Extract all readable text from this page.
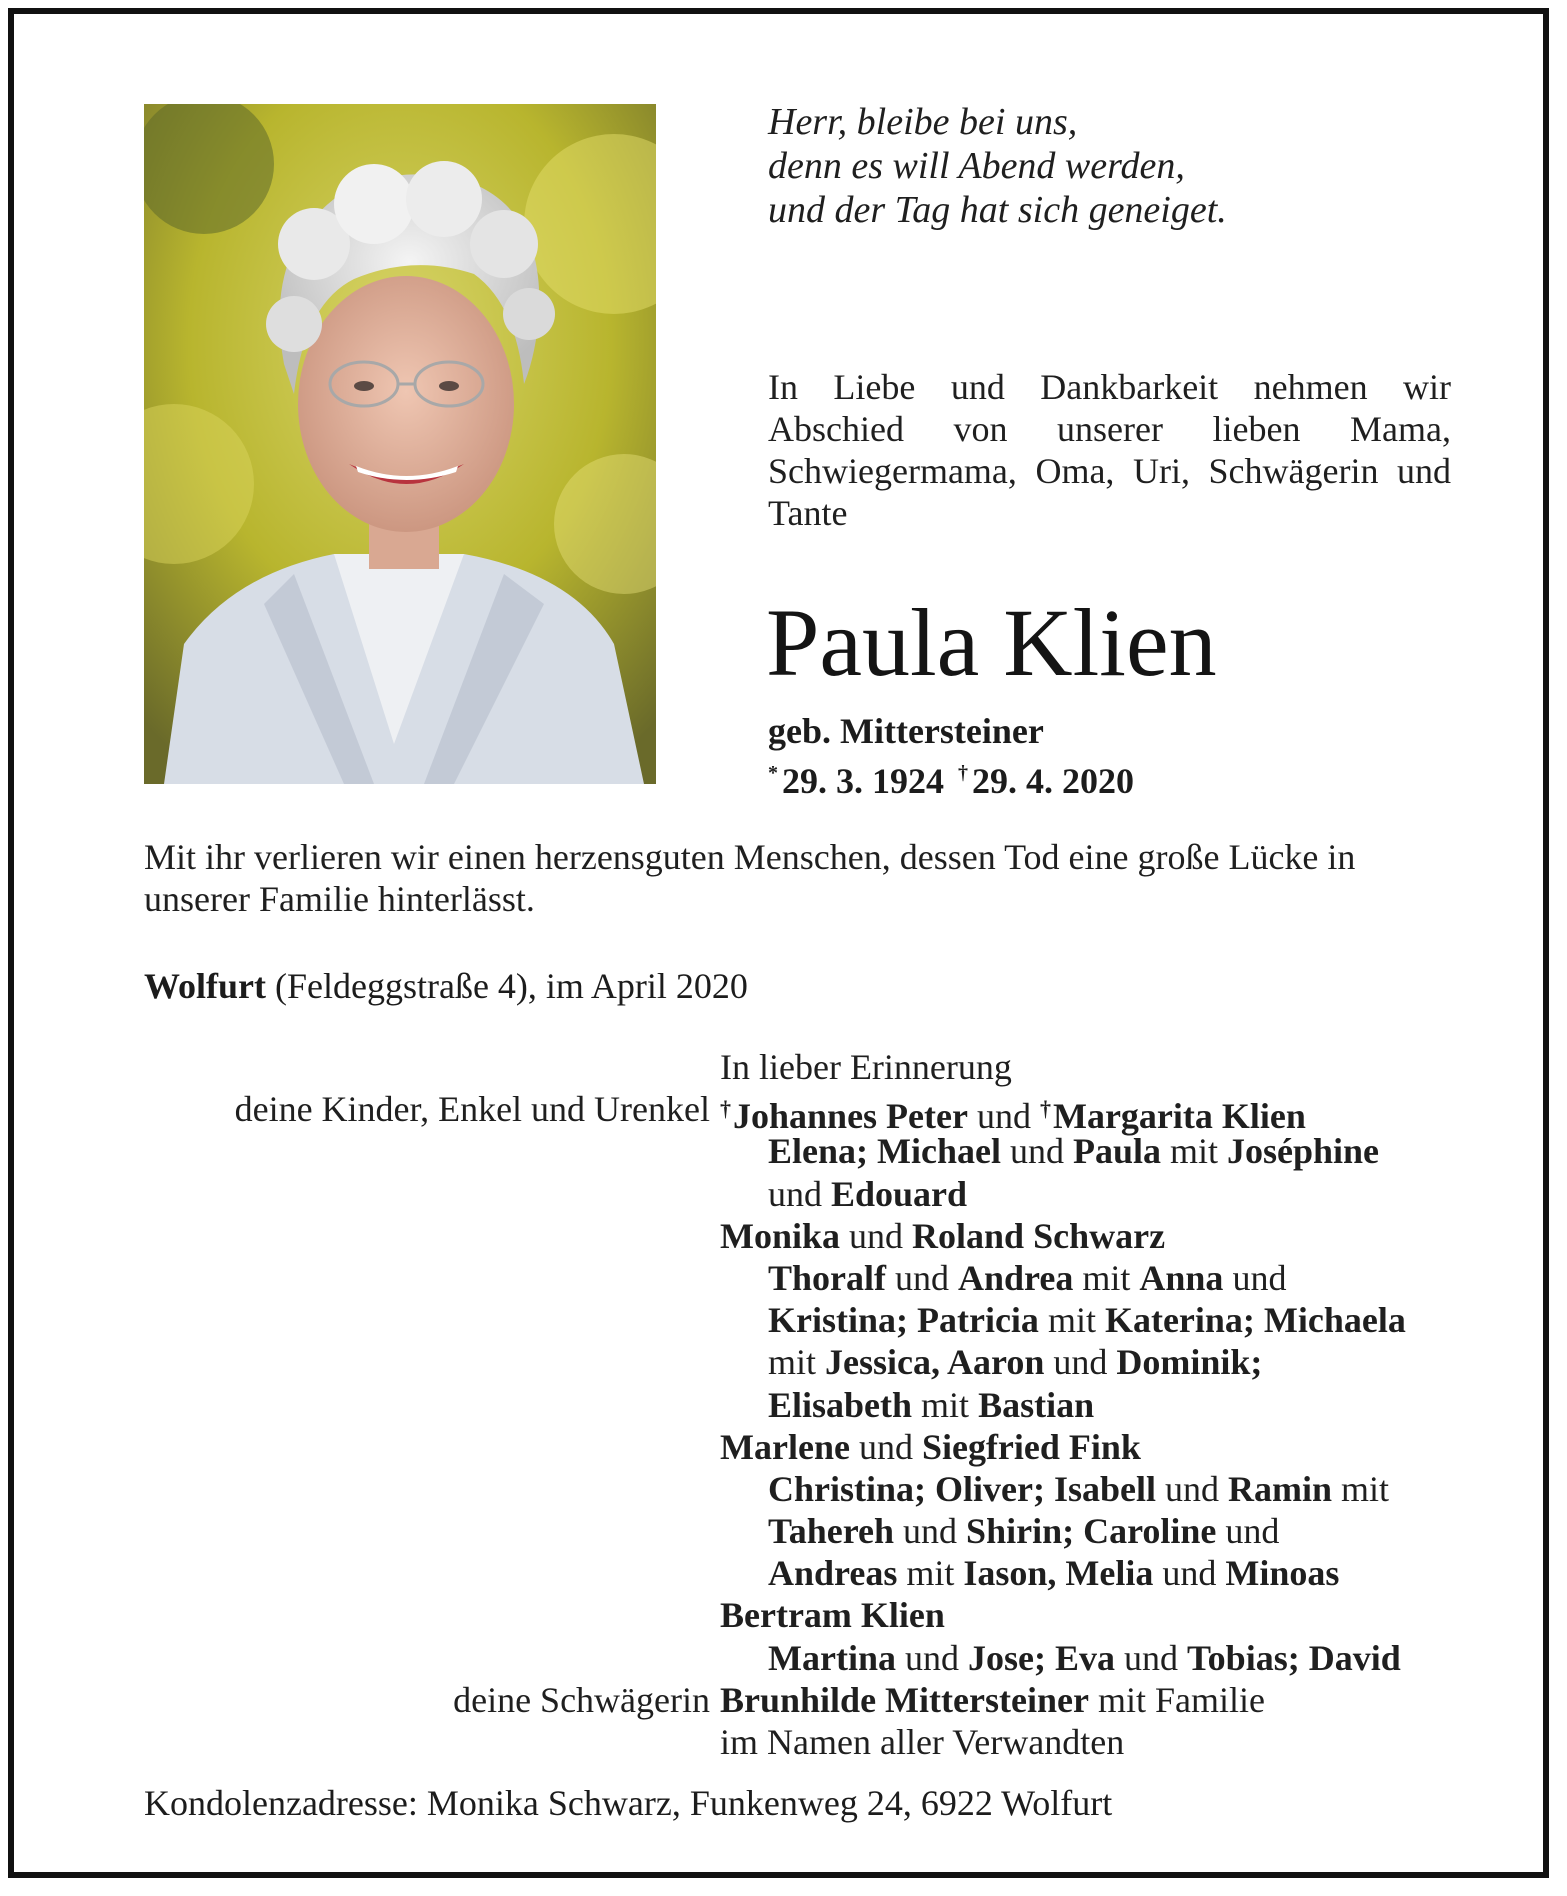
Herr, bleibe bei uns,
denn es will Abend werden,
und der Tag hat sich geneiget.
In Liebe und Dankbarkeit nehmen wir Abschied von unserer lieben Mama, Schwiegermama, Oma, Uri, Schwägerin und Tante
Paula Klien
geb. Mittersteiner
* 29. 3. 1924 † 29. 4. 2020
Mit ihr verlieren wir einen herzensguten Menschen, dessen Tod eine große Lücke in unserer Familie hinterlässt.
Wolfurt (Feldeggstraße 4), im April 2020
In lieber Erinnerung
deine Kinder, Enkel und Urenkel †Johannes Peter und †Margarita Klien
Elena; Michael und Paula mit Joséphine
und Edouard
Monika und Roland Schwarz
Thoralf und Andrea mit Anna und
Kristina; Patricia mit Katerina; Michaela
mit Jessica, Aaron und Dominik;
Elisabeth mit Bastian
Marlene und Siegfried Fink
Christina; Oliver; Isabell und Ramin mit
Tahereh und Shirin; Caroline und
Andreas mit Iason, Melia und Minoas
Bertram Klien
Martina und Jose; Eva und Tobias; David
deine Schwägerin Brunhilde Mittersteiner mit Familie
im Namen aller Verwandten
Kondolenzadresse: Monika Schwarz, Funkenweg 24, 6922 Wolfurt
